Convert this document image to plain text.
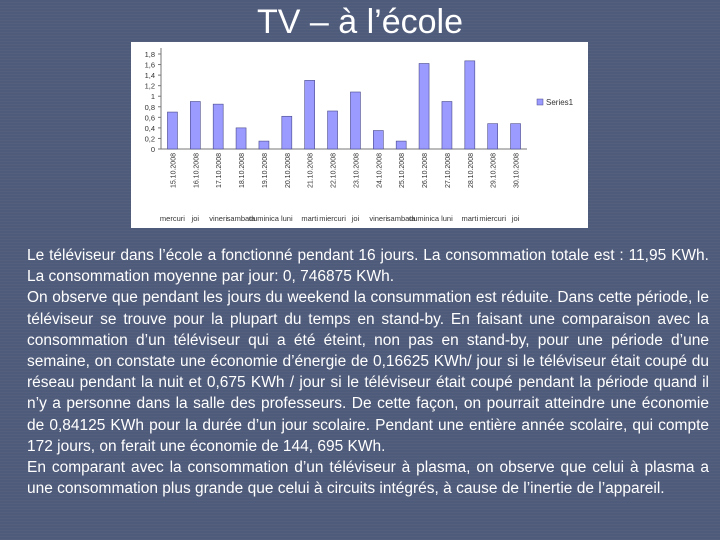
TV – à l’école
1,8
1,6
1,4
1,2
1
0,8
0,6
0,4
0,2
0
15.10.2008
mercuri
16.10.2008
joi
17.10.2008
vineri
18.10.2008
sambata
19.10.2008
duminica
20.10.2008
luni
21.10.2008
marti
22.10.2008
miercuri
23.10.2008
joi
24.10.2008
vineri
25.10.2008
sambata
26.10.2008
duminica
27.10.2008
luni
28.10.2008
marti
29.10.2008
miercuri
30.10.2008
joi
Series1

Le téléviseur dans l’école a fonctionné pendant 16 jours. La consommation totale est : 11,95 KWh. La consommation moyenne par jour: 0, 746875 KWh.

On observe que pendant les jours du weekend la consummation est réduite. Dans cette période, le téléviseur se trouve pour la plupart du temps en stand-by. En faisant une comparaison avec la consommation d’un téléviseur qui a été éteint, non pas en stand-by, pour une période d’une semaine, on constate une économie d’énergie de 0,16625 KWh/ jour si le téléviseur était coupé du réseau pendant la nuit et 0,675 KWh / jour si le téléviseur était coupé pendant la période quand il n’y a personne dans la salle des professeurs. De cette façon, on pourrait atteindre une économie de 0,84125 KWh pour la durée d’un jour scolaire. Pendant une entière année scolaire, qui compte 172 jours, on ferait une économie de 144, 695 KWh.

En comparant avec la consommation d’un téléviseur à plasma, on observe que celui à plasma a une consommation plus grande que celui à circuits intégrés, à cause de l’inertie de l’appareil.
